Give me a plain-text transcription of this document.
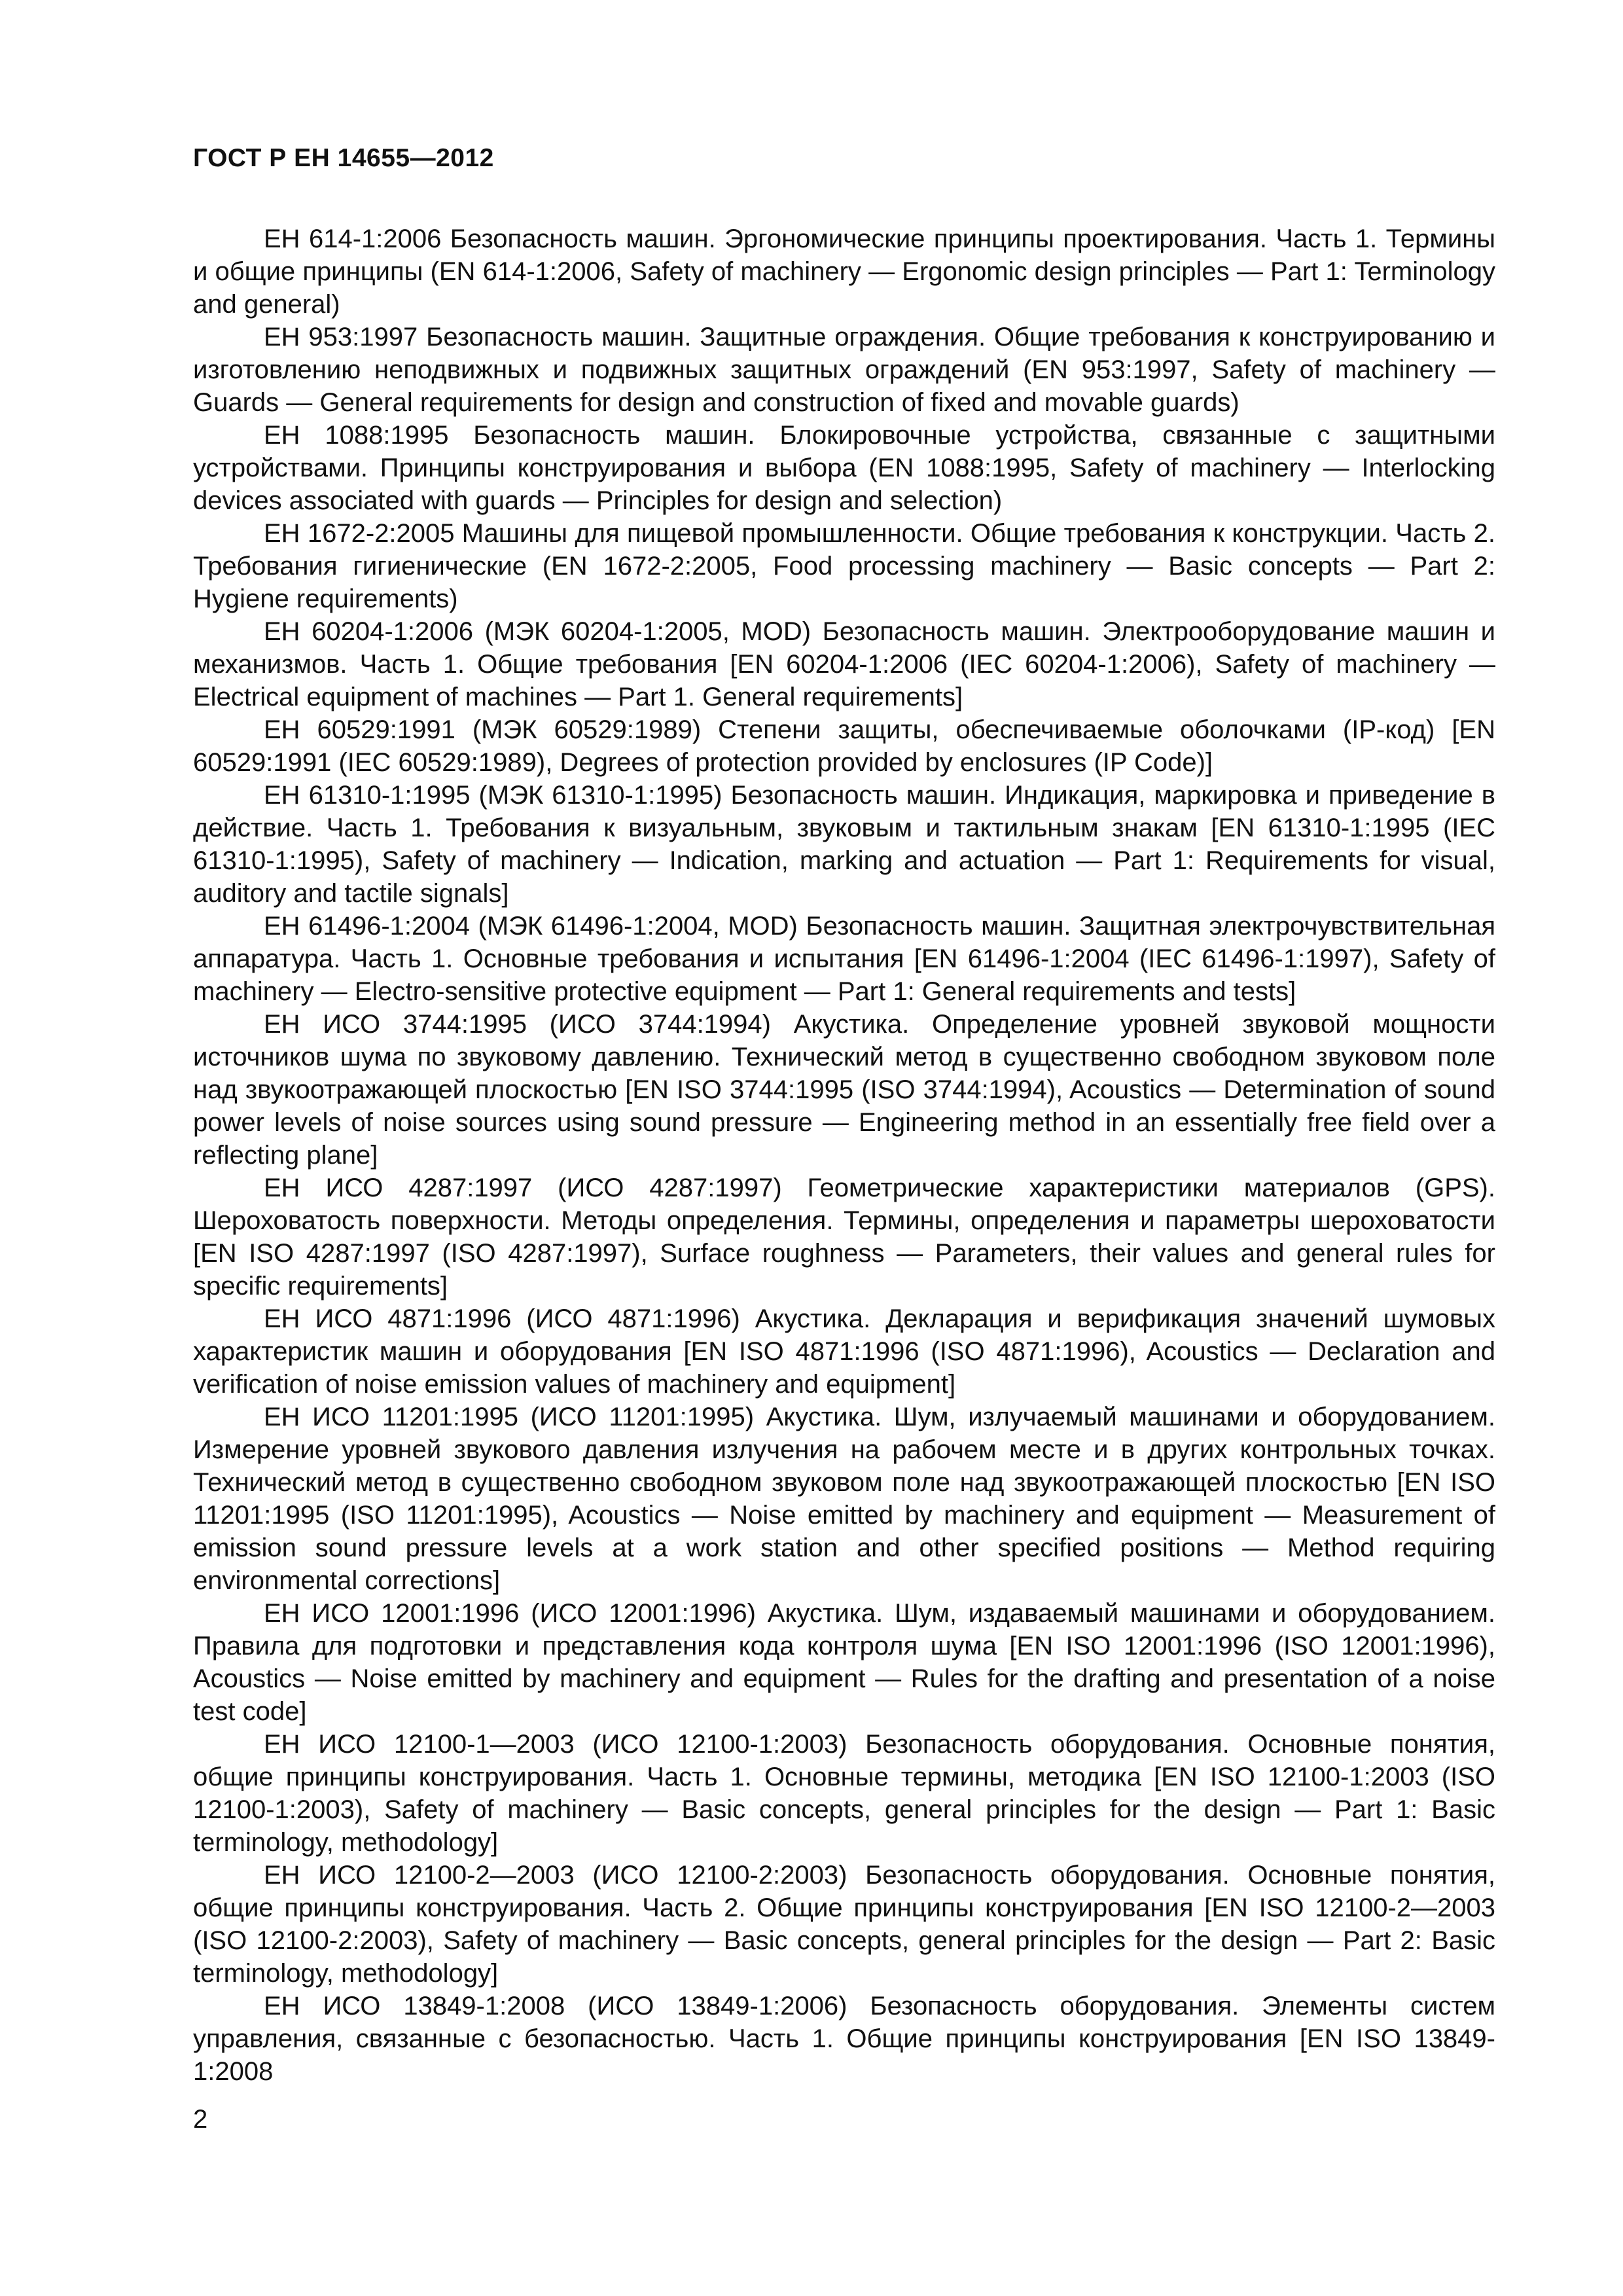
ГОСТ Р ЕН 14655—2012

ЕН 614-1:2006 Безопасность машин. Эргономические принципы проектирования. Часть 1. Термины и общие принципы (EN 614-1:2006, Safety of machinery — Ergonomic design principles — Part 1: Terminology and general)

ЕН 953:1997 Безопасность машин. Защитные ограждения. Общие требования к конструированию и изготовлению неподвижных и подвижных защитных ограждений (EN 953:1997, Safety of machinery — Guards — General requirements for design and construction of fixed and movable guards)

ЕН 1088:1995 Безопасность машин. Блокировочные устройства, связанные с защитными устройствами. Принципы конструирования и выбора (EN 1088:1995, Safety of machinery — Interlocking devices associated with guards — Principles for design and selection)

ЕН 1672-2:2005 Машины для пищевой промышленности. Общие требования к конструкции. Часть 2. Требования гигиенические (EN 1672-2:2005, Food processing machinery — Basic concepts — Part 2: Hygiene requirements)

ЕН 60204-1:2006 (МЭК 60204-1:2005, MOD) Безопасность машин. Электрооборудование машин и механизмов. Часть 1. Общие требования [EN 60204-1:2006 (IEC 60204-1:2006), Safety of machinery — Electrical equipment of machines — Part 1. General requirements]

ЕН 60529:1991 (МЭК 60529:1989) Степени защиты, обеспечиваемые оболочками (IP-код) [EN 60529:1991 (IEC 60529:1989), Degrees of protection provided by enclosures (IP Code)]

ЕН 61310-1:1995 (МЭК 61310-1:1995) Безопасность машин. Индикация, маркировка и приведение в действие. Часть 1. Требования к визуальным, звуковым и тактильным знакам [EN 61310-1:1995 (IEC 61310-1:1995), Safety of machinery — Indication, marking and actuation — Part 1: Requirements for visual, auditory and tactile signals]

ЕН 61496-1:2004 (МЭК 61496-1:2004, MOD) Безопасность машин. Защитная электрочувствительная аппаратура. Часть 1. Основные требования и испытания [EN 61496-1:2004 (IEC 61496-1:1997), Safety of machinery — Electro-sensitive protective equipment — Part 1: General requirements and tests]

ЕН ИСО 3744:1995 (ИСО 3744:1994) Акустика. Определение уровней звуковой мощности источников шума по звуковому давлению. Технический метод в существенно свободном звуковом поле над звукоотражающей плоскостью [EN ISO 3744:1995 (ISO 3744:1994), Acoustics — Determination of sound power levels of noise sources using sound pressure — Engineering method in an essentially free field over a reflecting plane]

ЕН ИСО 4287:1997 (ИСО 4287:1997) Геометрические характеристики материалов (GPS). Шероховатость поверхности. Методы определения. Термины, определения и параметры шероховатости [EN ISO 4287:1997 (ISO 4287:1997), Surface roughness — Parameters, their values and general rules for specific requirements]

ЕН ИСО 4871:1996 (ИСО 4871:1996) Акустика. Декларация и верификация значений шумовых характеристик машин и оборудования [EN ISO 4871:1996 (ISO 4871:1996), Acoustics — Declaration and verification of noise emission values of machinery and equipment]

ЕН ИСО 11201:1995 (ИСО 11201:1995) Акустика. Шум, излучаемый машинами и оборудованием. Измерение уровней звукового давления излучения на рабочем месте и в других контрольных точках. Технический метод в существенно свободном звуковом поле над звукоотражающей плоскостью [EN ISO 11201:1995 (ISO 11201:1995), Acoustics — Noise emitted by machinery and equipment — Measurement of emission sound pressure levels at a work station and other specified positions — Method requiring environmental corrections]

ЕН ИСО 12001:1996 (ИСО 12001:1996) Акустика. Шум, издаваемый машинами и оборудованием. Правила для подготовки и представления кода контроля шума [EN ISO 12001:1996 (ISO 12001:1996), Acoustics — Noise emitted by machinery and equipment — Rules for the drafting and presentation of a noise test code]

ЕН ИСО 12100-1—2003 (ИСО 12100-1:2003) Безопасность оборудования. Основные понятия, общие принципы конструирования. Часть 1. Основные термины, методика [EN ISO 12100-1:2003 (ISO 12100-1:2003), Safety of machinery — Basic concepts, general principles for the design — Part 1: Basic terminology, methodology]

ЕН ИСО 12100-2—2003 (ИСО 12100-2:2003) Безопасность оборудования. Основные понятия, общие принципы конструирования. Часть 2. Общие принципы конструирования [EN ISO 12100-2—2003 (ISO 12100-2:2003), Safety of machinery — Basic concepts, general principles for the design — Part 2: Basic terminology, methodology]

ЕН ИСО 13849-1:2008 (ИСО 13849-1:2006) Безопасность оборудования. Элементы систем управления, связанные с безопасностью. Часть 1. Общие принципы конструирования [EN ISO 13849-1:2008

2
